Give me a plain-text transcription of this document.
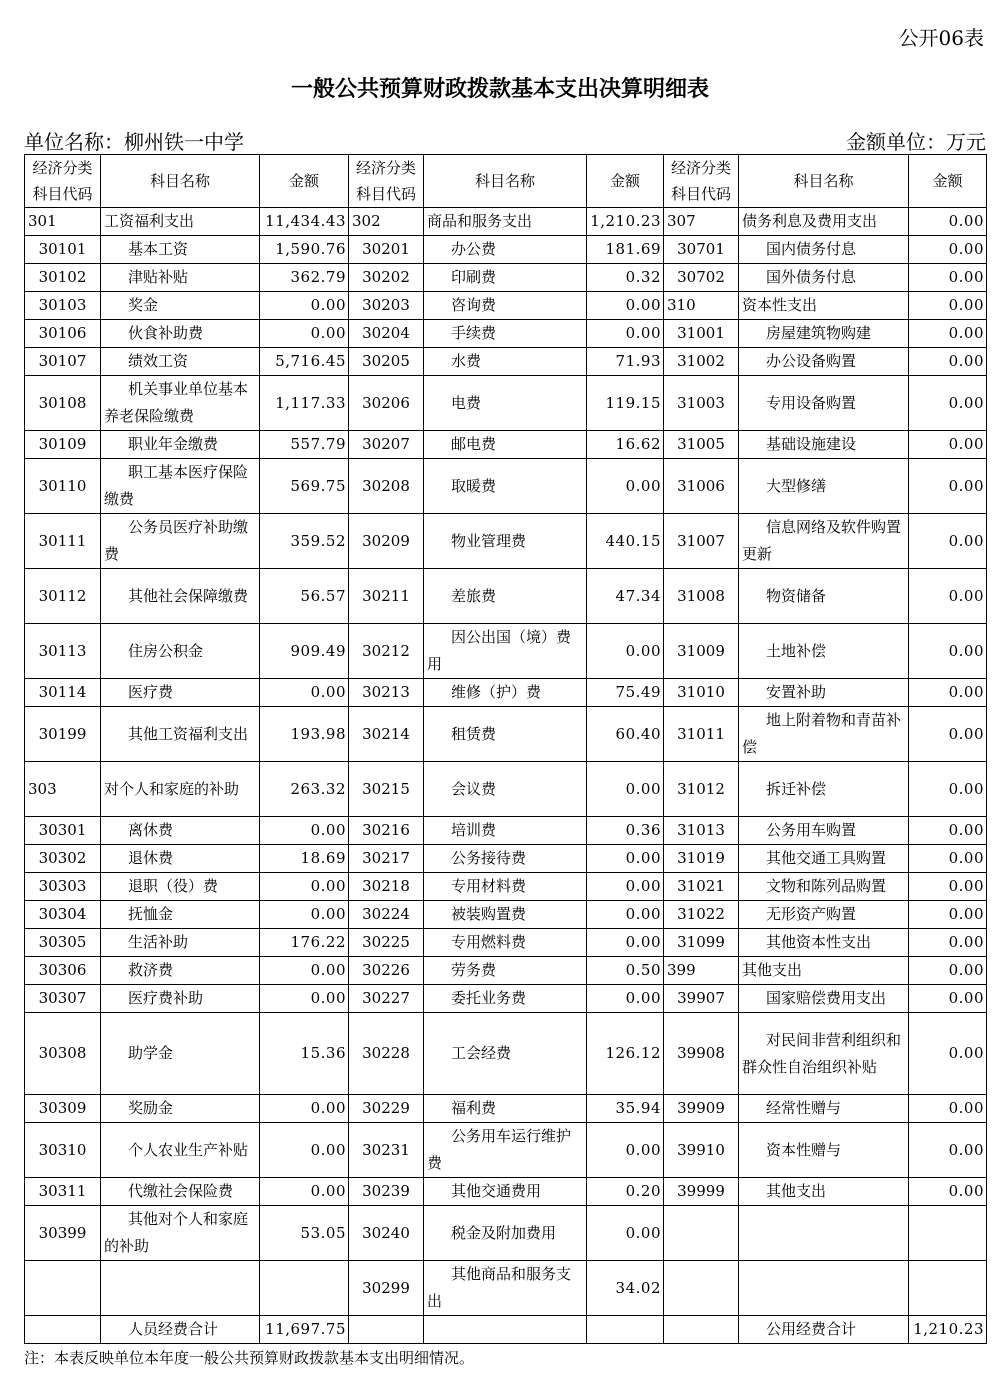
公开06表
一般公共预算财政拨款基本支出决算明细表
单位名称：柳州铁一中学	金额单位：万元
经济分类科目代码	科目名称	金额	经济分类科目代码	科目名称	金额	经济分类科目代码	科目名称	金额
301	工资福利支出	11,434.43	302	商品和服务支出	1,210.23	307	债务利息及费用支出	0.00
30101	基本工资	1,590.76	30201	办公费	181.69	30701	国内债务付息	0.00
30102	津贴补贴	362.79	30202	印刷费	0.32	30702	国外债务付息	0.00
30103	奖金	0.00	30203	咨询费	0.00	310	资本性支出	0.00
30106	伙食补助费	0.00	30204	手续费	0.00	31001	房屋建筑物购建	0.00
30107	绩效工资	5,716.45	30205	水费	71.93	31002	办公设备购置	0.00
30108	机关事业单位基本养老保险缴费	1,117.33	30206	电费	119.15	31003	专用设备购置	0.00
30109	职业年金缴费	557.79	30207	邮电费	16.62	31005	基础设施建设	0.00
30110	职工基本医疗保险缴费	569.75	30208	取暖费	0.00	31006	大型修缮	0.00
30111	公务员医疗补助缴费	359.52	30209	物业管理费	440.15	31007	信息网络及软件购置更新	0.00
30112	其他社会保障缴费	56.57	30211	差旅费	47.34	31008	物资储备	0.00
30113	住房公积金	909.49	30212	因公出国（境）费用	0.00	31009	土地补偿	0.00
30114	医疗费	0.00	30213	维修（护）费	75.49	31010	安置补助	0.00
30199	其他工资福利支出	193.98	30214	租赁费	60.40	31011	地上附着物和青苗补偿	0.00
303	对个人和家庭的补助	263.32	30215	会议费	0.00	31012	拆迁补偿	0.00
30301	离休费	0.00	30216	培训费	0.36	31013	公务用车购置	0.00
30302	退休费	18.69	30217	公务接待费	0.00	31019	其他交通工具购置	0.00
30303	退职（役）费	0.00	30218	专用材料费	0.00	31021	文物和陈列品购置	0.00
30304	抚恤金	0.00	30224	被装购置费	0.00	31022	无形资产购置	0.00
30305	生活补助	176.22	30225	专用燃料费	0.00	31099	其他资本性支出	0.00
30306	救济费	0.00	30226	劳务费	0.50	399	其他支出	0.00
30307	医疗费补助	0.00	30227	委托业务费	0.00	39907	国家赔偿费用支出	0.00
30308	助学金	15.36	30228	工会经费	126.12	39908	对民间非营利组织和群众性自治组织补贴	0.00
30309	奖励金	0.00	30229	福利费	35.94	39909	经常性赠与	0.00
30310	个人农业生产补贴	0.00	30231	公务用车运行维护费	0.00	39910	资本性赠与	0.00
30311	代缴社会保险费	0.00	30239	其他交通费用	0.20	39999	其他支出	0.00
30399	其他对个人和家庭的补助	53.05	30240	税金及附加费用	0.00			
			30299	其他商品和服务支出	34.02			
	人员经费合计	11,697.75					公用经费合计	1,210.23
注：本表反映单位本年度一般公共预算财政拨款基本支出明细情况。
